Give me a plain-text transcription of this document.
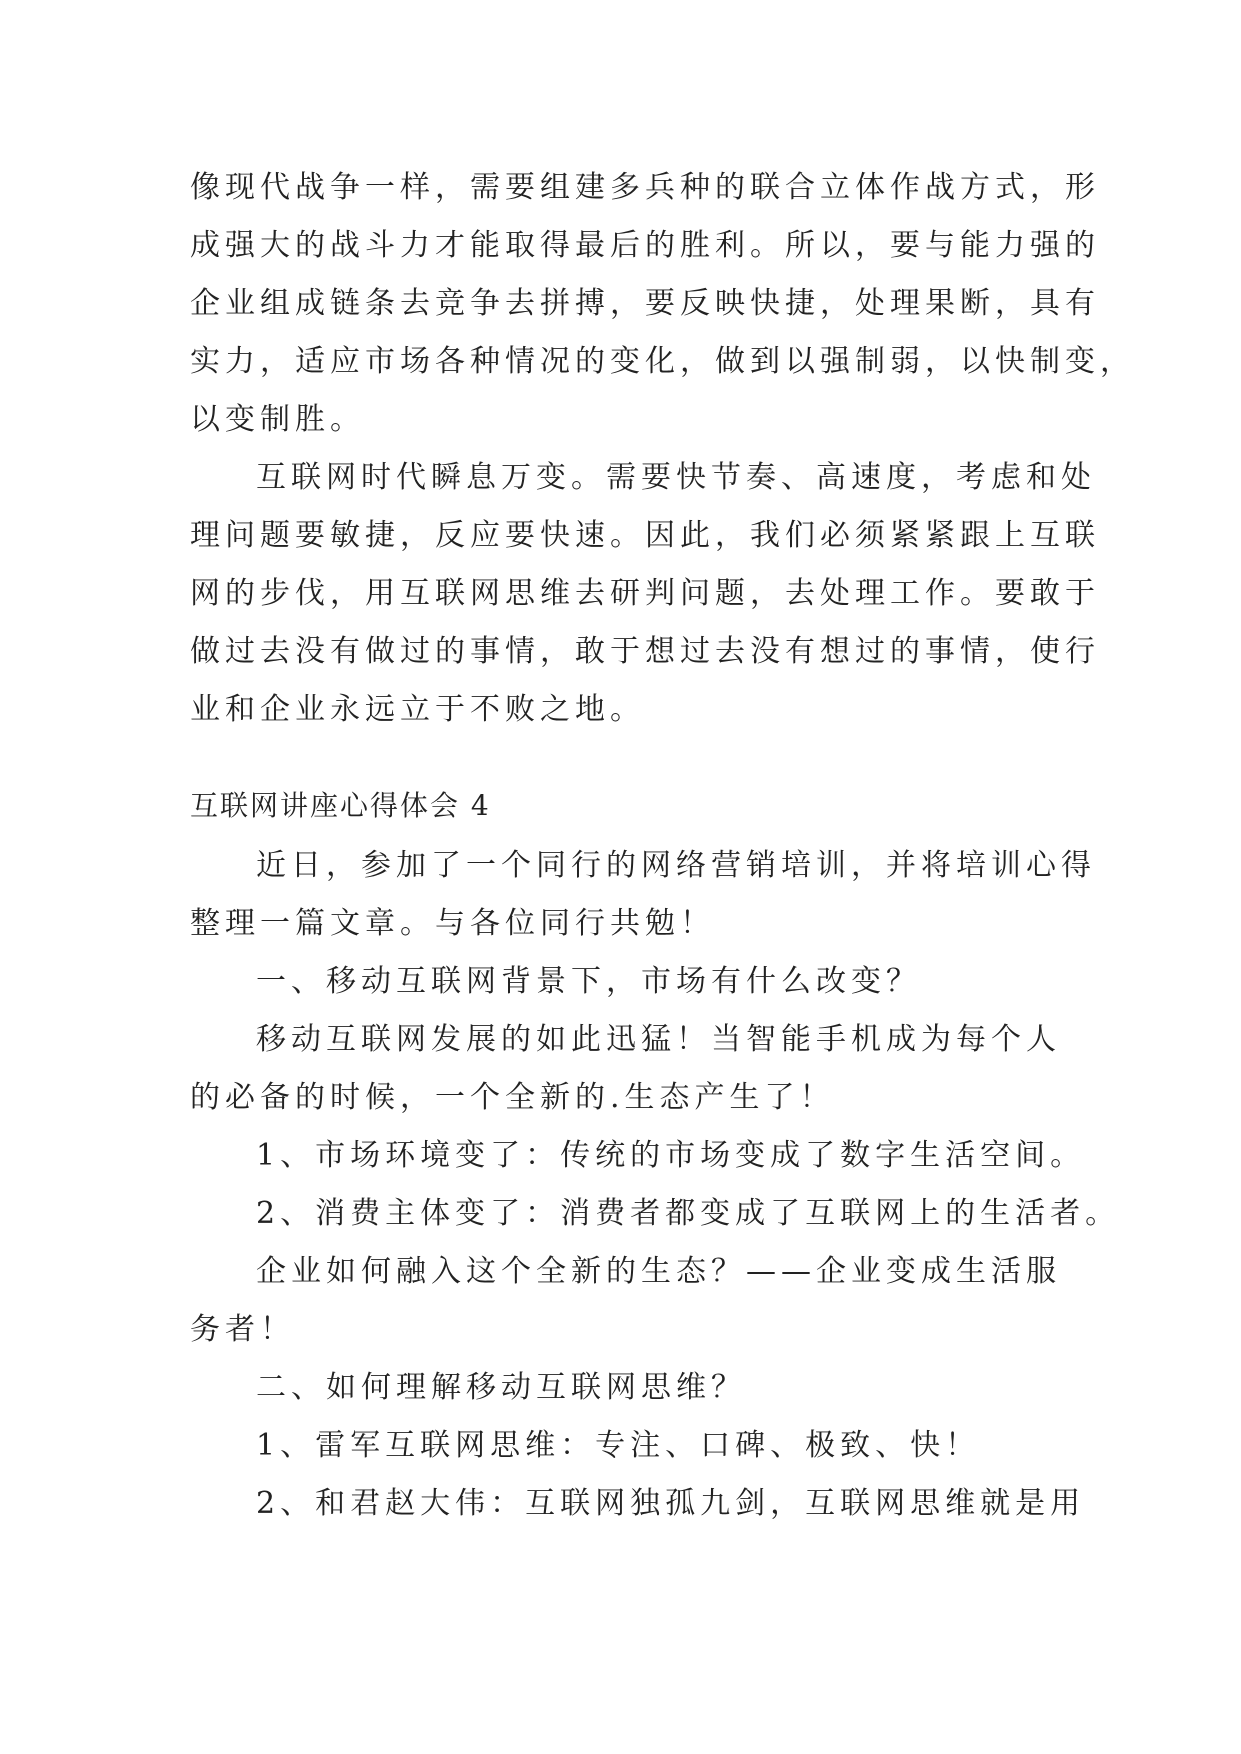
像现代战争一样，需要组建多兵种的联合立体作战方式，形
成强大的战斗力才能取得最后的胜利。所以，要与能力强的
企业组成链条去竞争去拼搏，要反映快捷，处理果断，具有
实力，适应市场各种情况的变化，做到以强制弱，以快制变，
以变制胜。
互联网时代瞬息万变。需要快节奏、高速度，考虑和处
理问题要敏捷，反应要快速。因此，我们必须紧紧跟上互联
网的步伐，用互联网思维去研判问题，去处理工作。要敢于
做过去没有做过的事情，敢于想过去没有想过的事情，使行
业和企业永远立于不败之地。
互联网讲座心得体会 4
近日，参加了一个同行的网络营销培训，并将培训心得
整理一篇文章。与各位同行共勉！
一、移动互联网背景下，市场有什么改变？
移动互联网发展的如此迅猛！当智能手机成为每个人
的必备的时候，一个全新的.生态产生了！
1、市场环境变了：传统的市场变成了数字生活空间。
2、消费主体变了：消费者都变成了互联网上的生活者。
企业如何融入这个全新的生态？——企业变成生活服
务者！
二、如何理解移动互联网思维？
1、雷军互联网思维：专注、口碑、极致、快！
2、和君赵大伟：互联网独孤九剑，互联网思维就是用
